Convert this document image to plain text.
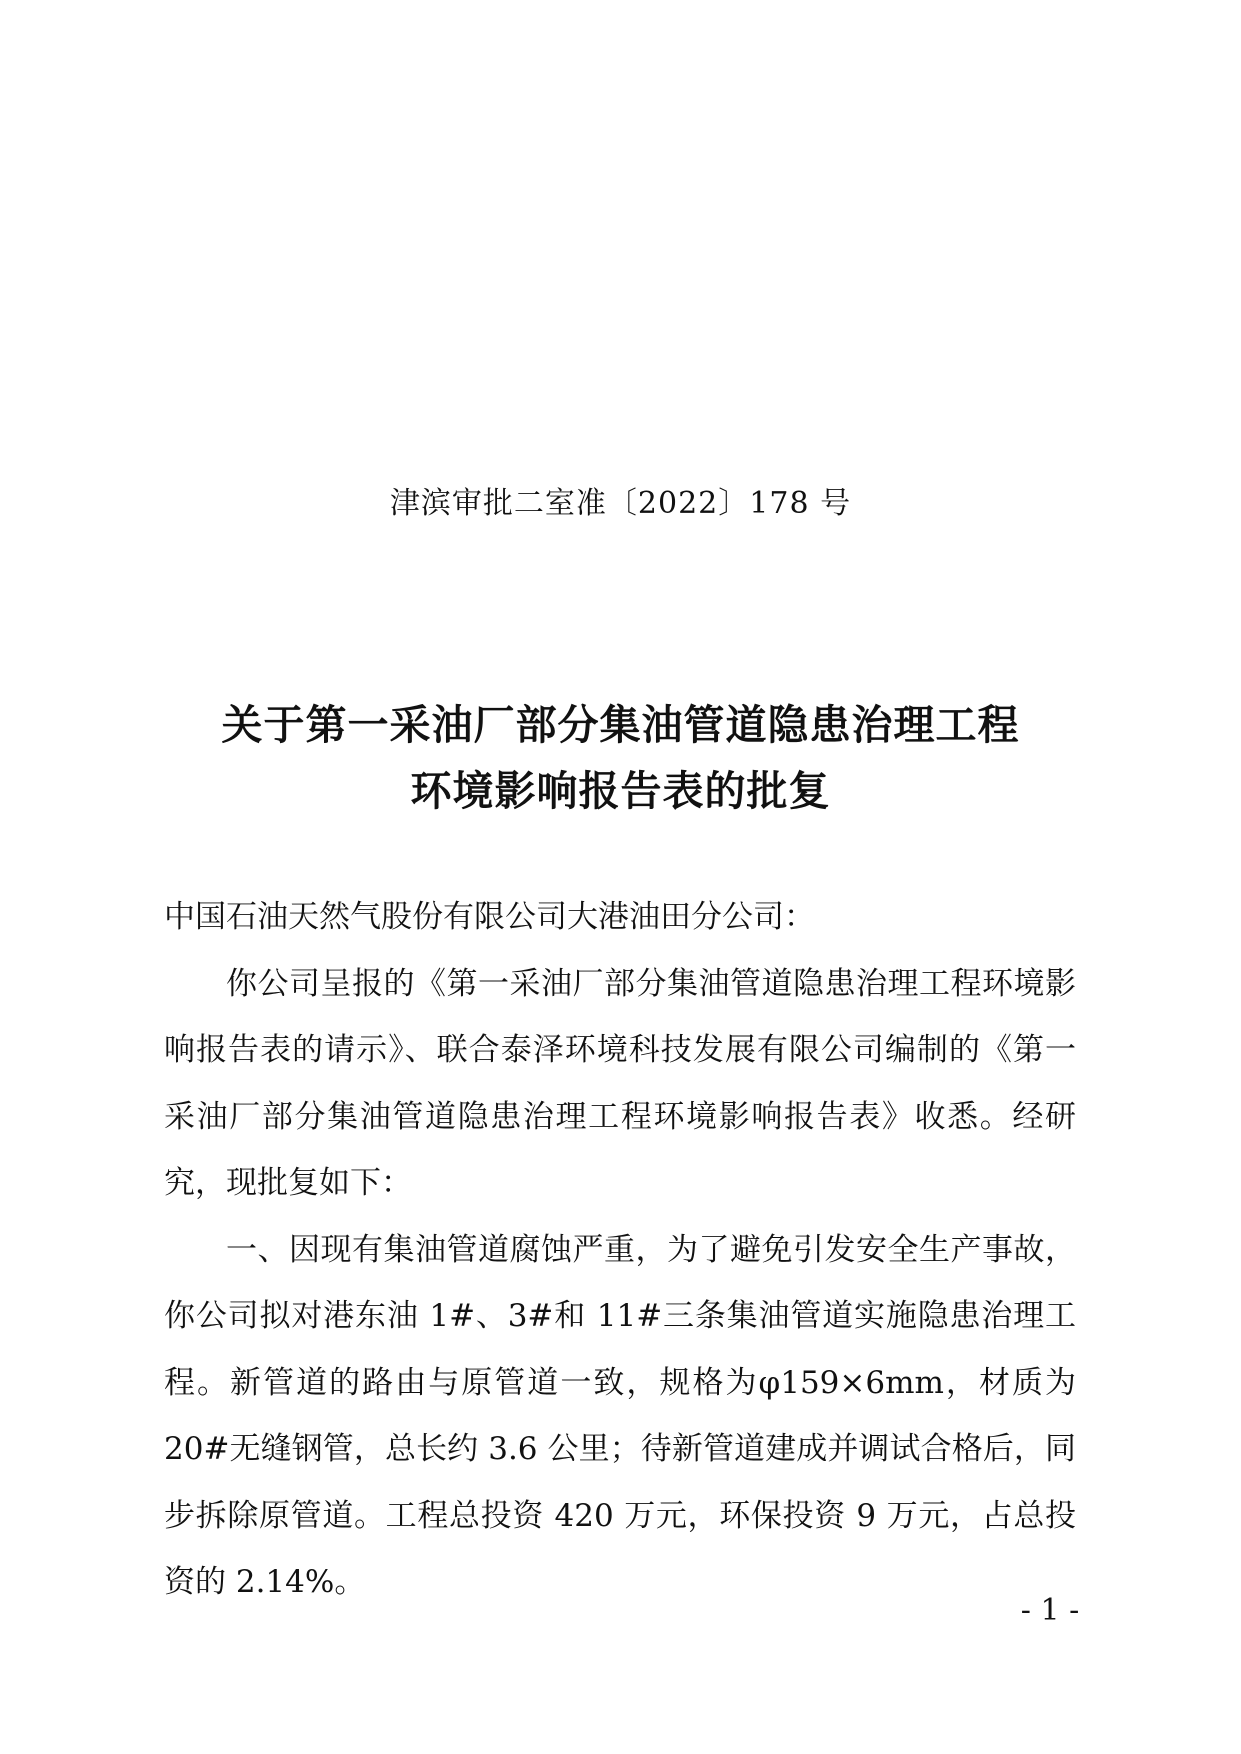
津滨审批二室准〔2022〕178 号
关于第一采油厂部分集油管道隐患治理工程
环境影响报告表的批复

中国石油天然气股份有限公司大港油田分公司：

你公司呈报的《第一采油厂部分集油管道隐患治理工程环境影响报告表的请示》、联合泰泽环境科技发展有限公司编制的《第一采油厂部分集油管道隐患治理工程环境影响报告表》收悉。经研究，现批复如下：

一、因现有集油管道腐蚀严重，为了避免引发安全生产事故，你公司拟对港东油 1#、3#和 11#三条集油管道实施隐患治理工程。新管道的路由与原管道一致，规格为φ159×6mm，材质为 20#无缝钢管，总长约 3.6 公里；待新管道建成并调试合格后，同步拆除原管道。工程总投资 420 万元，环保投资 9 万元，占总投资的 2.14%。

- 1 -
